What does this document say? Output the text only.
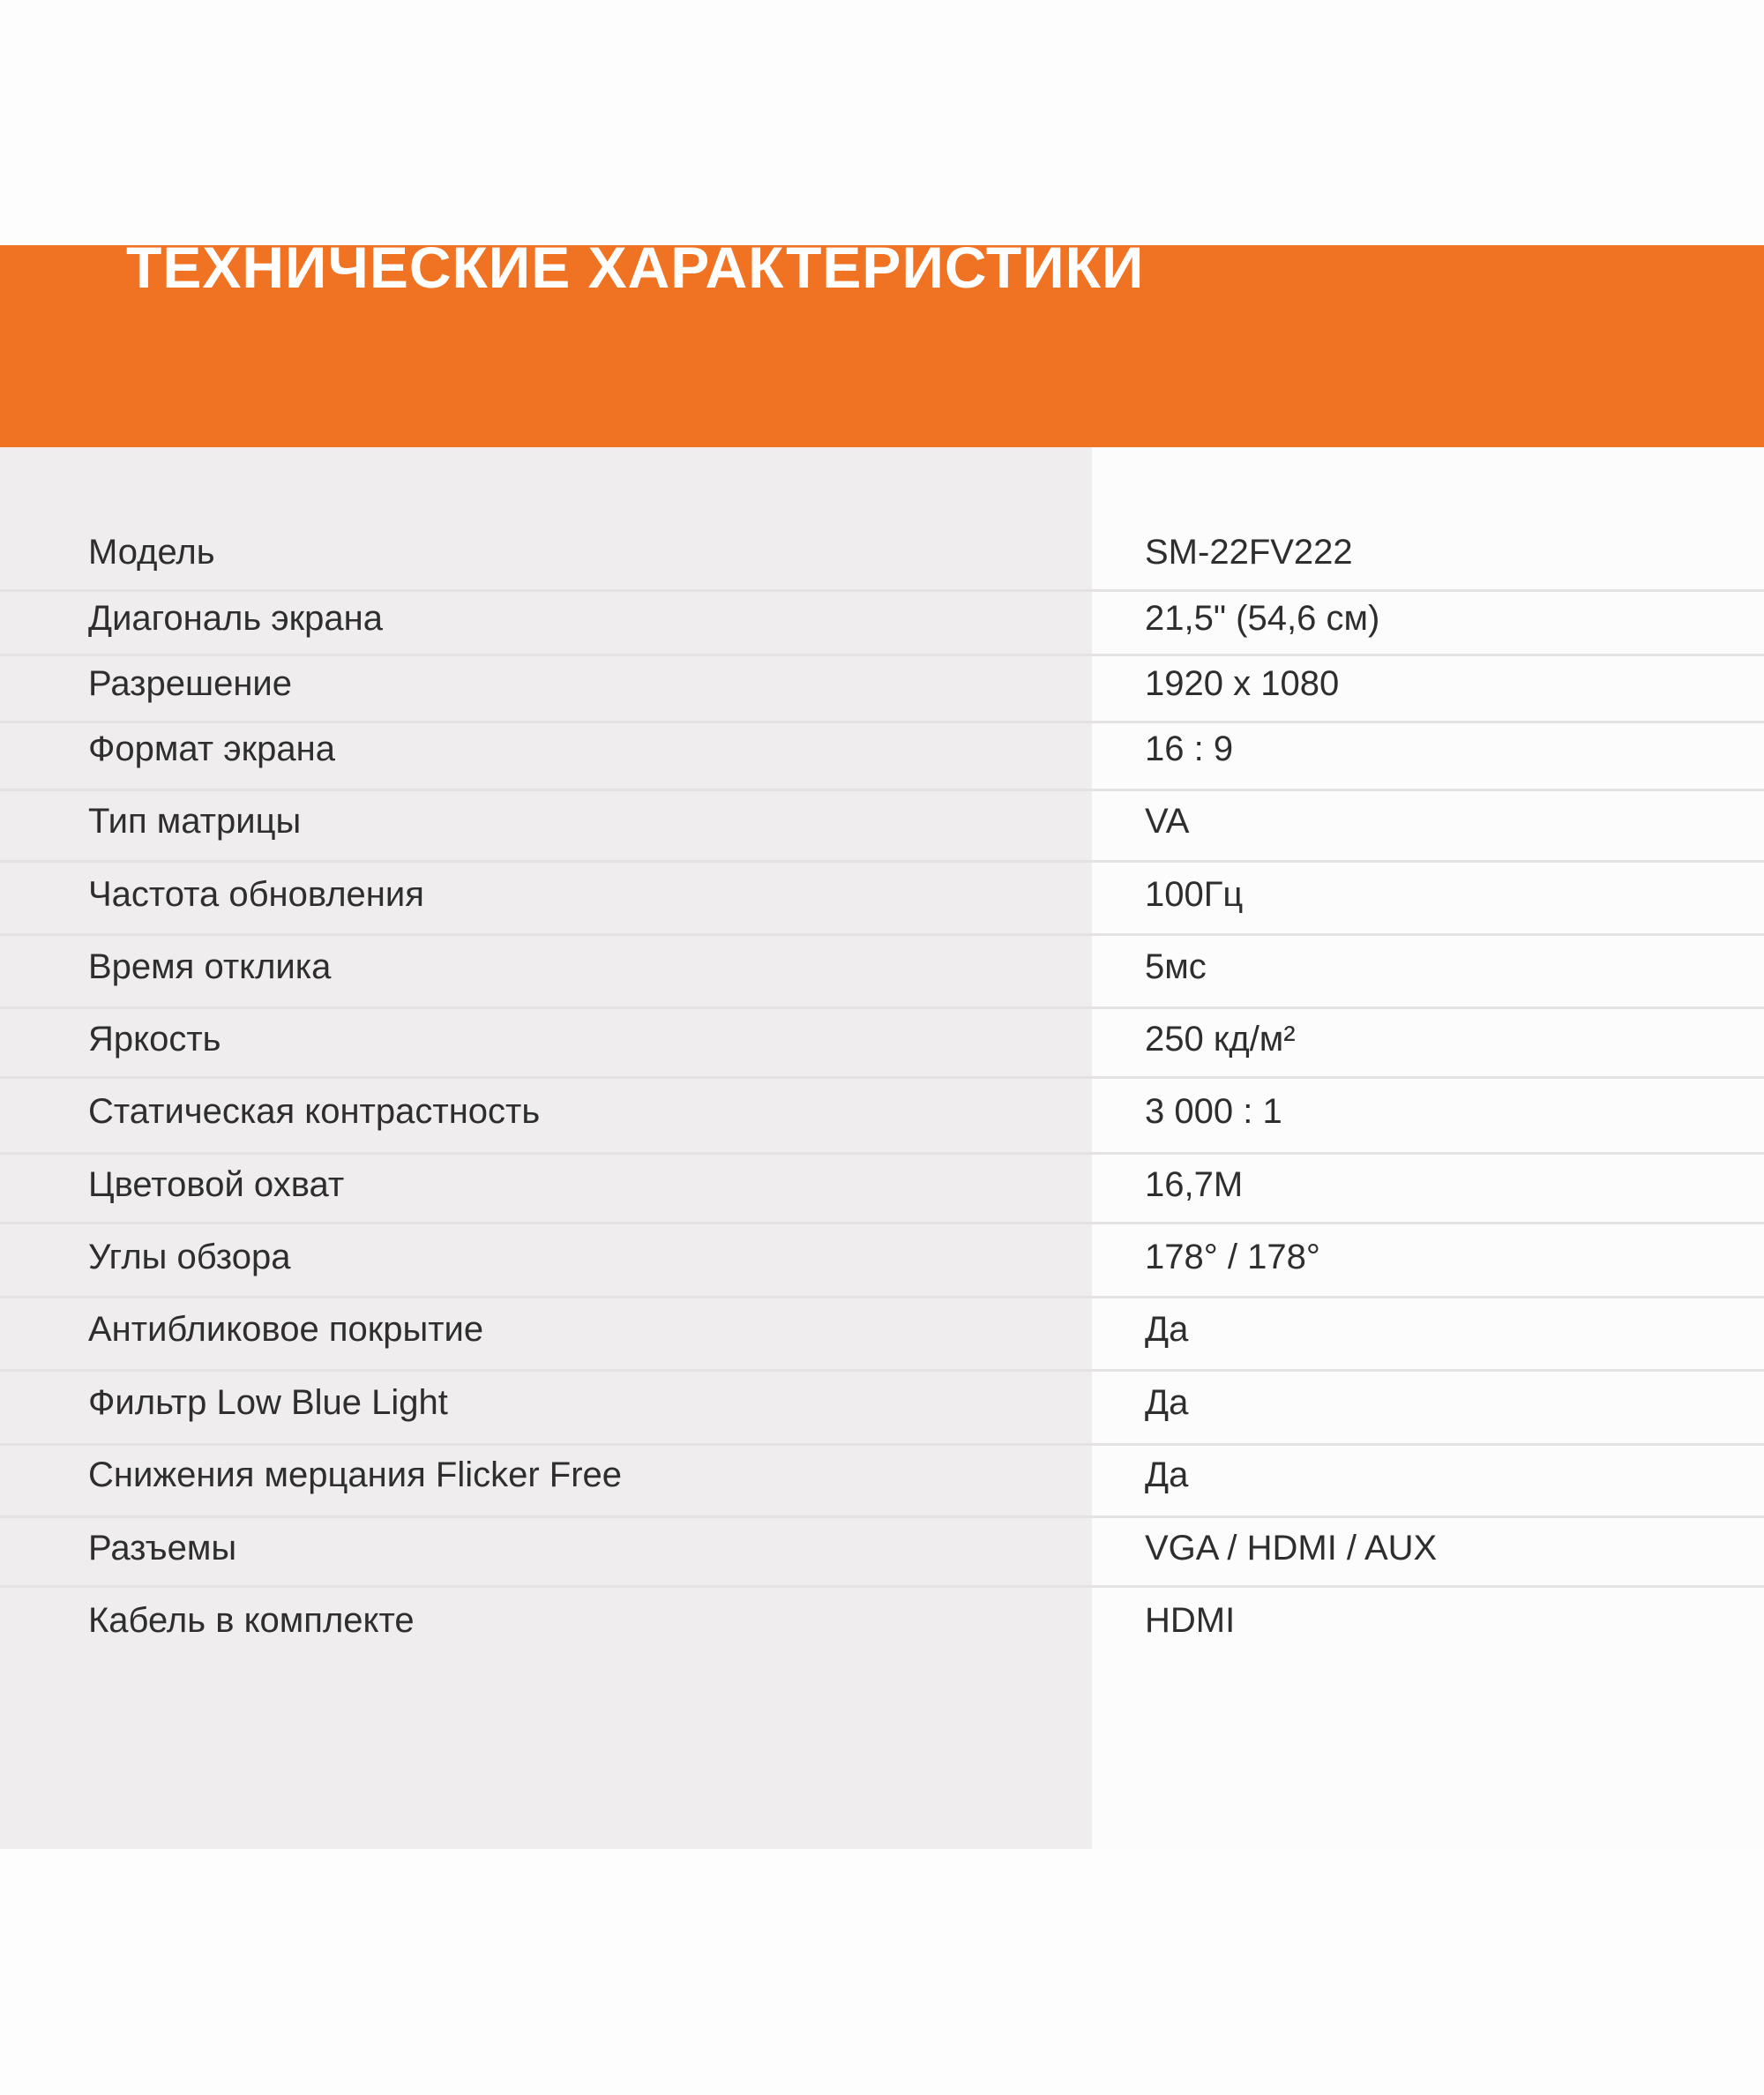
ТЕХНИЧЕСКИЕ ХАРАКТЕРИСТИКИ
Модель	SM-22FV222
Диагональ экрана	21,5" (54,6 см)
Разрешение	1920 x 1080
Формат экрана	16 : 9
Тип матрицы	VA
Частота обновления	100Гц
Время отклика	5мс
Яркость	250 кд/м²
Статическая контрастность	3 000 : 1
Цветовой охват	16,7M
Углы обзора	178° / 178°
Антибликовое покрытие	Да
Фильтр Low Blue Light	Да
Снижения мерцания Flicker Free	Да
Разъемы	VGA / HDMI / AUX
Кабель в комплекте	HDMI
